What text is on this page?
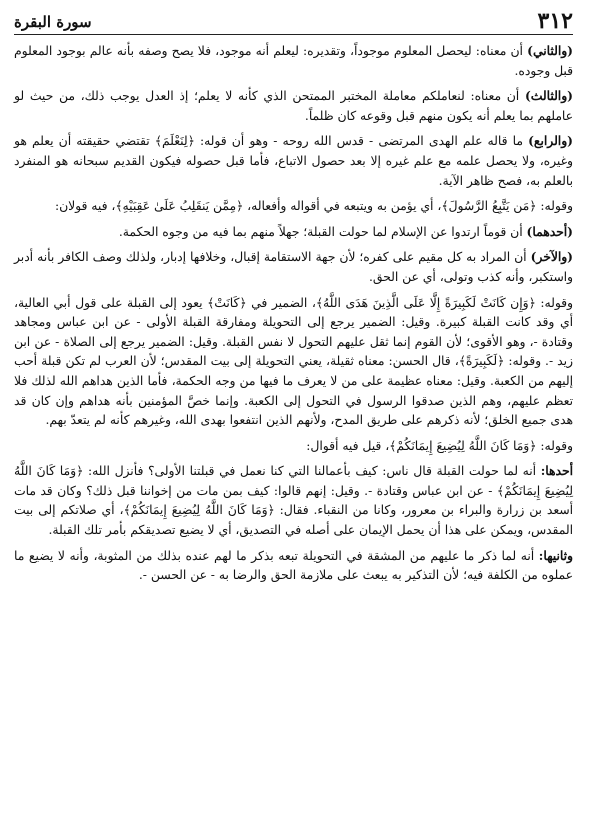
٣١٢
سورة البقرة

(والثاني) أن معناه: ليحصل المعلوم موجوداً، وتقديره: ليعلم أنه موجود، فلا يصح وصفه بأنه عالم بوجود المعلوم قبل وجوده.

(والثالث) أن معناه: لنعاملكم معاملة المختبر الممتحن الذي كأنه لا يعلم؛ إذ العدل يوجب ذلك، من حيث لو عاملهم بما يعلم أنه يكون منهم قبل وقوعه كان ظلماً.

(والرابع) ما قاله علم الهدى المرتضى - قدس الله روحه - وهو أن قوله: ﴿لِنَعْلَمَ﴾ تقتضي حقيقته أن يعلم هو وغيره، ولا يحصل علمه مع علم غيره إلا بعد حصول الاتباع، فأما قبل حصوله فيكون القديم سبحانه هو المنفرد بالعلم به، فصح ظاهر الآية.

وقوله: ﴿مَن يَتَّبِعُ الرَّسُولَ﴾، أي يؤمن به ويتبعه في أقواله وأفعاله، ﴿مِمَّن يَنقَلِبُ عَلَىٰ عَقِبَيْهِ﴾، فيه قولان:

(أحدهما) أن قوماً ارتدوا عن الإسلام لما حولت القبلة؛ جهلاً منهم بما فيه من وجوه الحكمة.

(والآخر) أن المراد به كل مقيم على كفره؛ لأن جهة الاستقامة إقبال، وخلافها إدبار، ولذلك وصف الكافر بأنه أدبر واستكبر، وأنه كذب وتولى، أي عن الحق.

وقوله: ﴿وَإِن كَانَتْ لَكَبِيرَةً إِلَّا عَلَى الَّذِينَ هَدَى اللَّهُ﴾، الضمير في ﴿كَانَتْ﴾ يعود إلى القبلة على قول أبي العالية، أي وقد كانت القبلة كبيرة. وقيل: الضمير يرجع إلى التحويلة ومفارقة القبلة الأولى - عن ابن عباس ومجاهد وقتادة -، وهو الأقوى؛ لأن القوم إنما ثقل عليهم التحول لا نفس القبلة. وقيل: الضمير يرجع إلى الصلاة - عن ابن زيد -. وقوله: ﴿لَكَبِيرَةً﴾، قال الحسن: معناه ثقيلة، يعني التحويلة إلى بيت المقدس؛ لأن العرب لم تكن قبلة أحب إليهم من الكعبة. وقيل: معناه عظيمة على من لا يعرف ما فيها من وجه الحكمة، فأما الذين هداهم الله لذلك فلا تعظم عليهم، وهم الذين صدقوا الرسول في التحول إلى الكعبة. وإنما خصَّ المؤمنين بأنه هداهم وإن كان قد هدى جميع الخلق؛ لأنه ذكرهم على طريق المدح، ولأنهم الذين انتفعوا بهدى الله، وغيرهم كأنه لم يتعدّ بهم.

وقوله: ﴿وَمَا كَانَ اللَّهُ لِيُضِيعَ إِيمَانَكُمْ﴾، قيل فيه أقوال:

أحدها: أنه لما حولت القبلة قال ناس: كيف بأعمالنا التي كنا نعمل في قبلتنا الأولى؟ فأنزل الله: ﴿وَمَا كَانَ اللَّهُ لِيُضِيعَ إِيمَانَكُمْ﴾ - عن ابن عباس وقتادة -. وقيل: إنهم قالوا: كيف بمن مات من إخواننا قبل ذلك؟ وكان قد مات أسعد بن زرارة والبراء بن معرور، وكانا من النقباء. فقال: ﴿وَمَا كَانَ اللَّهُ لِيُضِيعَ إِيمَانَكُمْ﴾، أي صلاتكم إلى بيت المقدس، ويمكن على هذا أن يحمل الإيمان على أصله في التصديق، أي لا يضيع تصديقكم بأمر تلك القبلة.

وثانيها: أنه لما ذكر ما عليهم من المشقة في التحويلة تبعه بذكر ما لهم عنده بذلك من المثوبة، وأنه لا يضيع ما عملوه من الكلفة فيه؛ لأن التذكير به يبعث على ملازمة الحق والرضا به - عن الحسن -.
